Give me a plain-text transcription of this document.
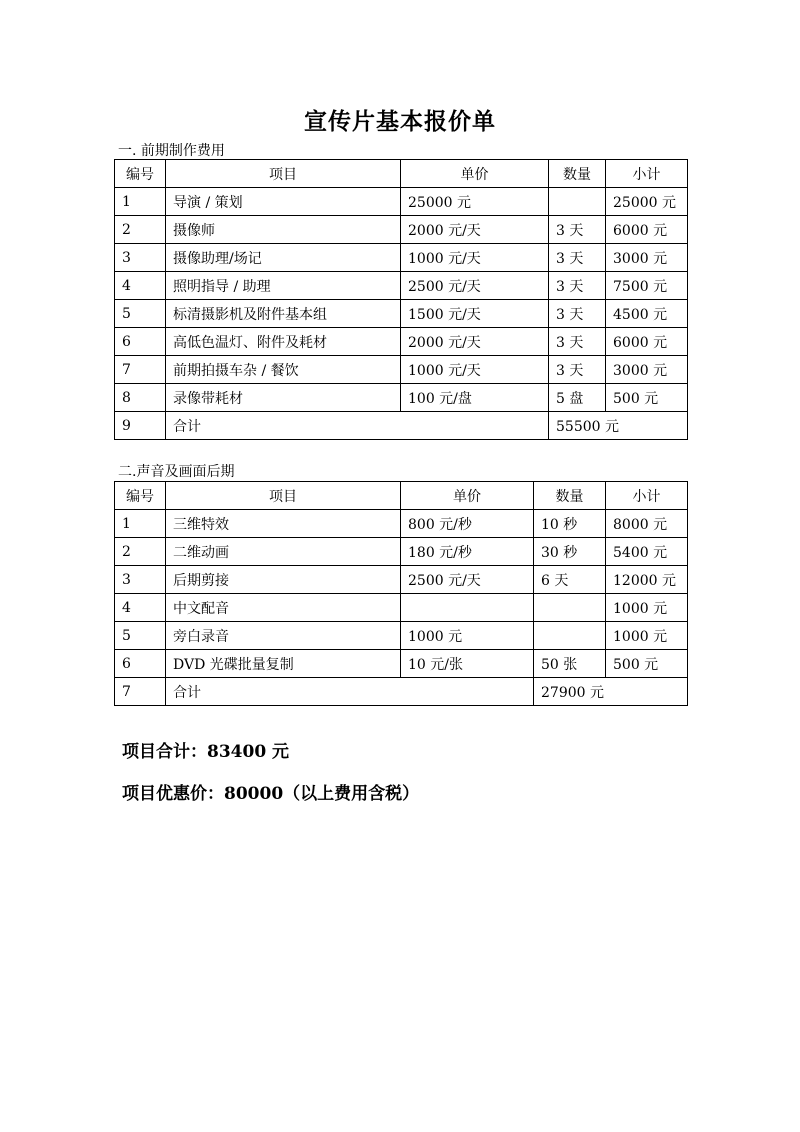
宣传片基本报价单
一. 前期制作费用
编号	项目	单价	数量	小计
1	导演 / 策划	25000 元		25000 元
2	摄像师	2000 元/天	3 天	6000 元
3	摄像助理/场记	1000 元/天	3 天	3000 元
4	照明指导 / 助理	2500 元/天	3 天	7500 元
5	标清摄影机及附件基本组	1500 元/天	3 天	4500 元
6	高低色温灯、附件及耗材	2000 元/天	3 天	6000 元
7	前期拍摄车杂 / 餐饮	1000 元/天	3 天	3000 元
8	录像带耗材	100 元/盘	5 盘	500 元
9	合计		55500 元	
二.声音及画面后期
编号	项目	单价	数量	小计
1	三维特效	800 元/秒	10 秒	8000 元
2	二维动画	180 元/秒	30 秒	5400 元
3	后期剪接	2500 元/天	6 天	12000 元
4	中文配音			1000 元
5	旁白录音	1000 元		1000 元
6	DVD 光碟批量复制	10 元/张	50 张	500 元
7	合计		27900 元	
项目合计：83400 元
项目优惠价：80000（以上费用含税）
